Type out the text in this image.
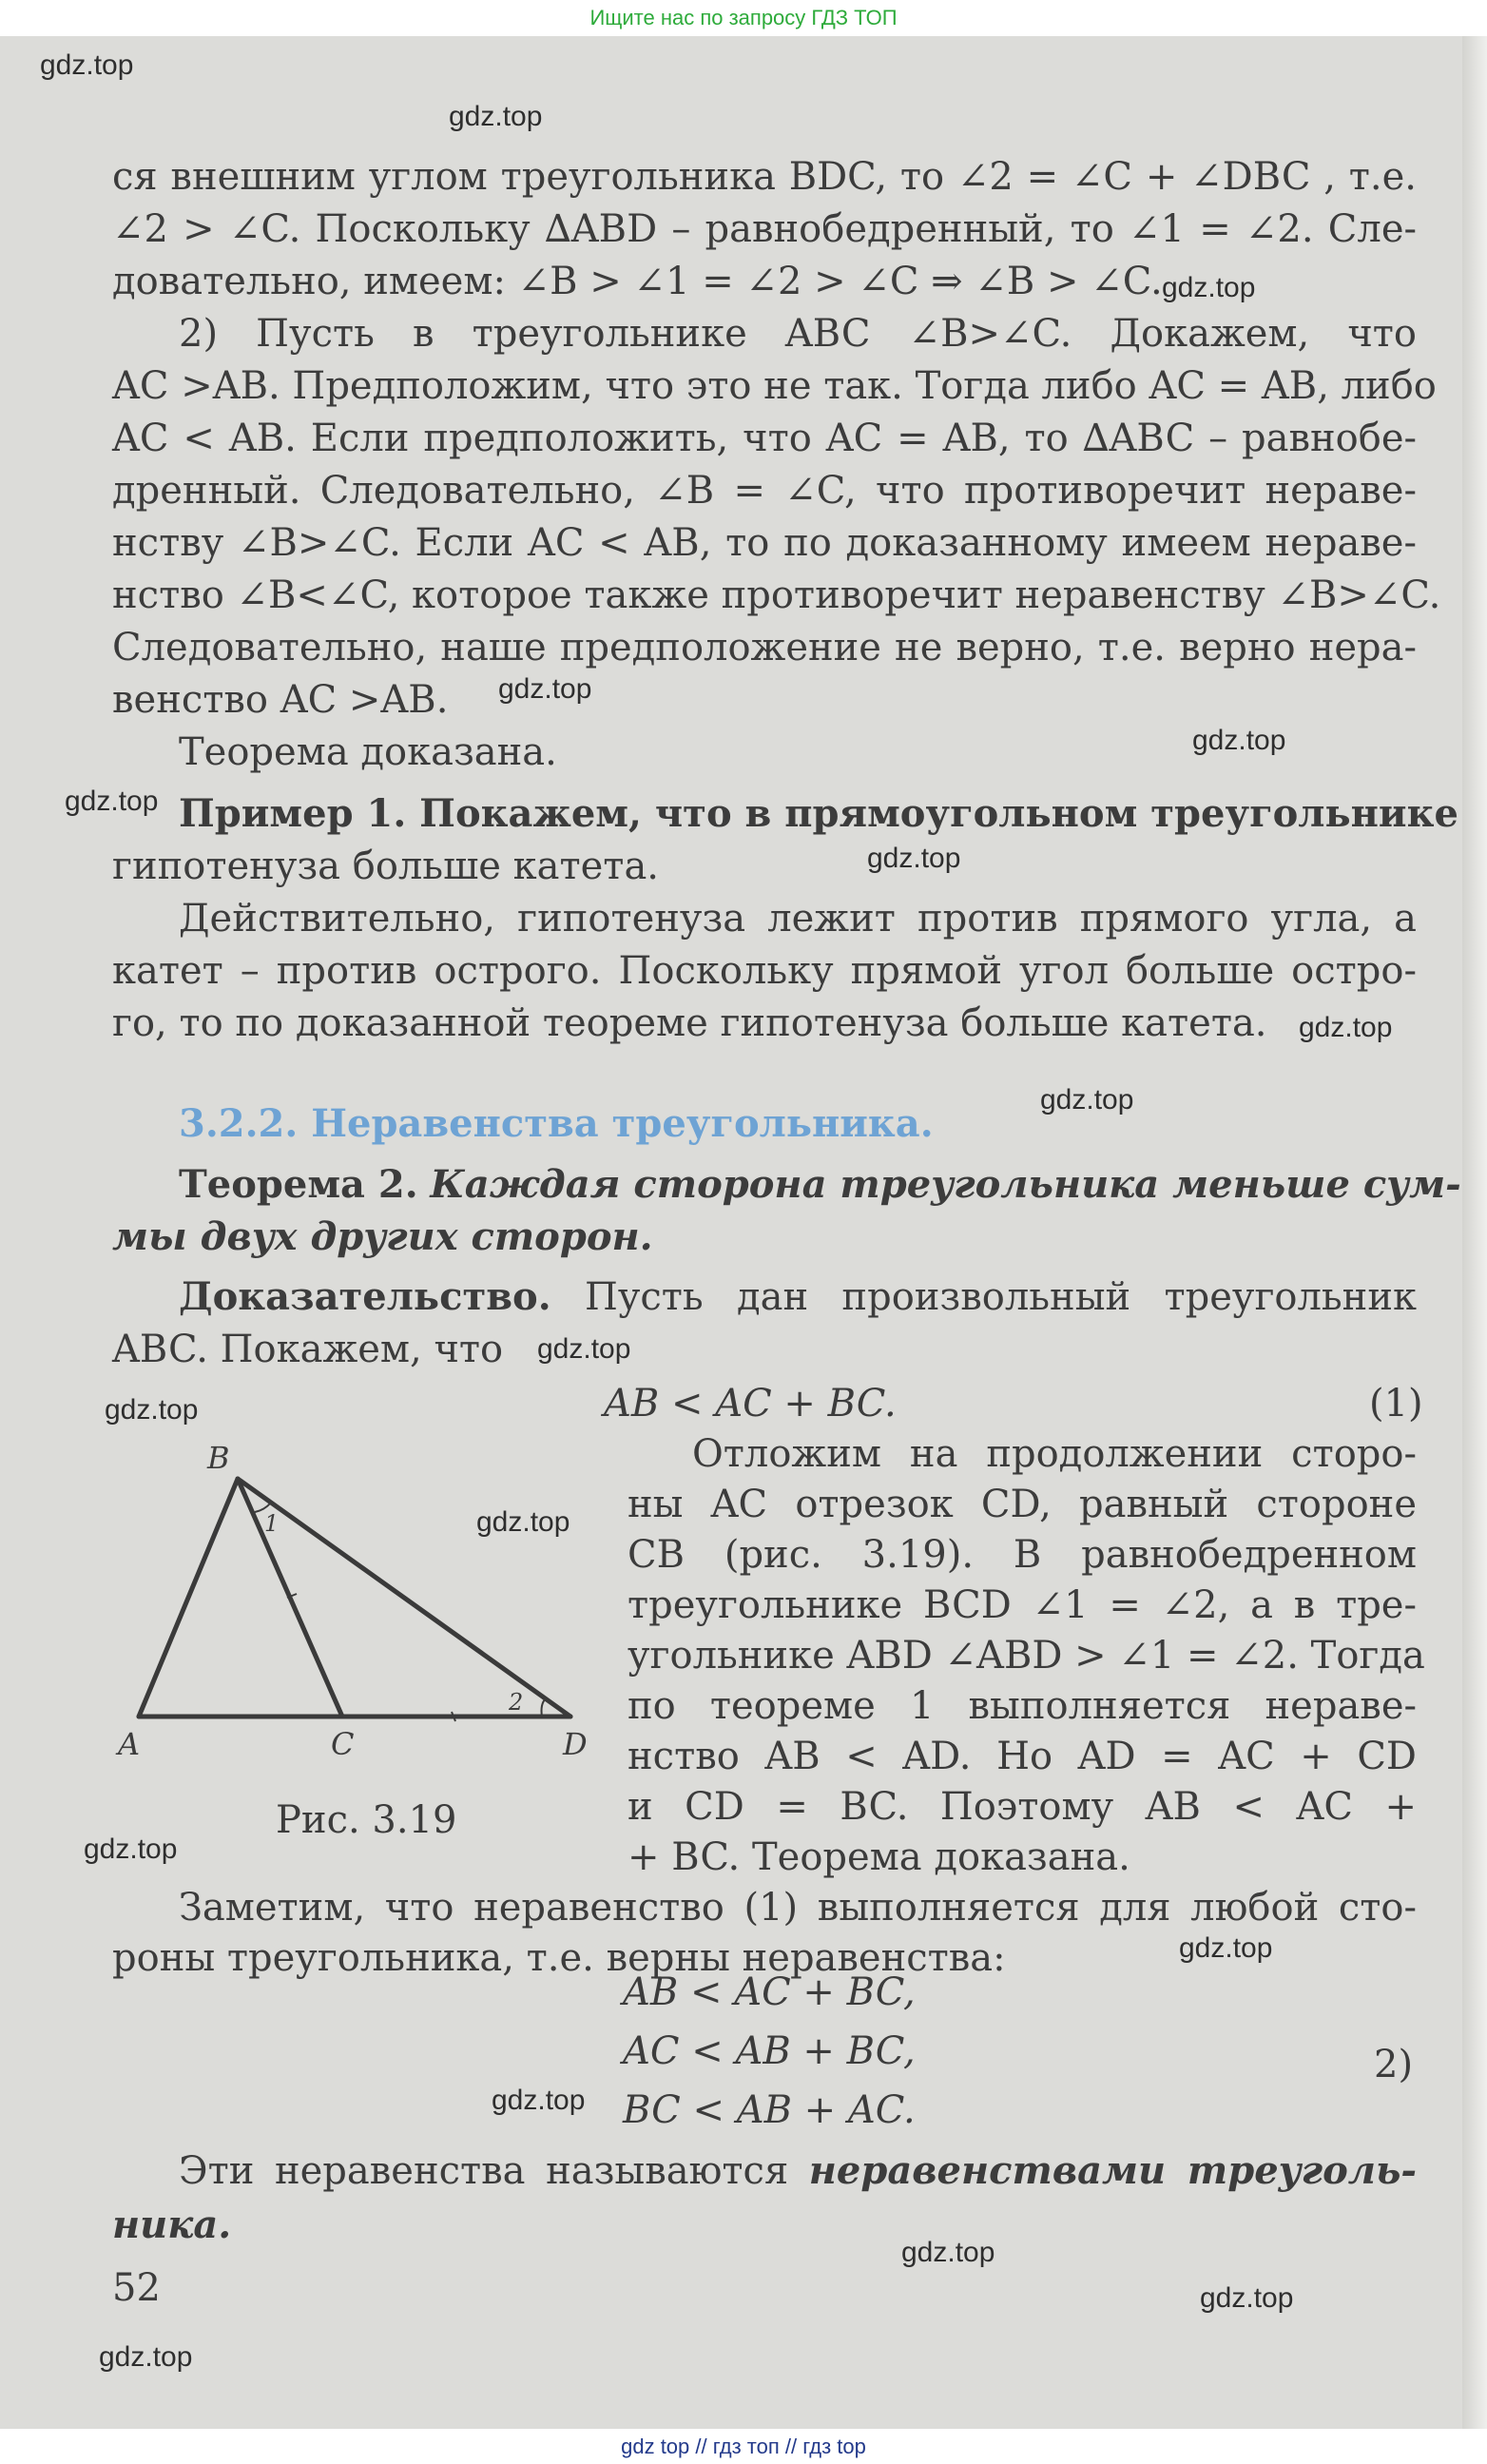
Ищите нас по запросу ГДЗ ТОП
ся внешним углом треугольника BDC, то ∠2 = ∠C + ∠DBC , т.е.
∠2 > ∠C. Поскольку ∆ABD – равнобедренный, то ∠1 = ∠2. Сле-
довательно, имеем: ∠B > ∠1 = ∠2 > ∠C ⇒ ∠B > ∠C.
2) Пусть в треугольнике ABC ∠B>∠C. Докажем, что
AC >AB. Предположим, что это не так. Тогда либо AC = AB, либо
AC < AB. Если предположить, что AC = AB, то ∆ABC – равнобе-
дренный. Следовательно, ∠B = ∠C, что противоречит нераве-
нству ∠B>∠C. Если AC < AB, то по доказанному имеем нераве-
нство ∠B<∠C, которое также противоречит неравенству ∠B>∠C.
Следовательно, наше предположение не верно, т.е. верно нера-
венство AC >AB.
Теорема доказана.
Пример 1. Покажем, что в прямоугольном треугольнике
гипотенуза больше катета.
Действительно, гипотенуза лежит против прямого угла, а
катет – против острого. Поскольку прямой угол больше остро-
го, то по доказанной теореме гипотенуза больше катета.
3.2.2. Неравенства треугольника.
Теорема 2. Каждая сторона треугольника меньше сум-
мы двух других сторон.
Доказательство. Пусть дан произвольный треугольник
ABC. Покажем, что
AB < AC + BC.	(1)
Отложим на продолжении сторо-
ны AC отрезок CD, равный стороне
CB (рис. 3.19). В равнобедренном
треугольнике BCD ∠1 = ∠2, а в тре-
угольнике ABD ∠ABD > ∠1 = ∠2. Тогда
по теореме 1 выполняется нераве-
нство AB < AD. Но AD = AC + CD
и CD = BC. Поэтому AB < AC +
+ BC. Теорема доказана.
B
1
2
A	C	D
Рис. 3.19
Заметим, что неравенство (1) выполняется для любой сто-
роны треугольника, т.е. верны неравенства:
AB < AC + BC,
AC < AB + BC,
BC < AB + AC.
2)
Эти неравенства называются неравенствами треуголь-
ника.
52
gdz.top
gdz.top
gdz.top
gdz.top
gdz.top
gdz.top
gdz.top
gdz.top
gdz.top
gdz.top
gdz.top
gdz.top
gdz.top
gdz.top
gdz.top
gdz.top
gdz.top
gdz.top
gdz top // гдз топ // гдз top
